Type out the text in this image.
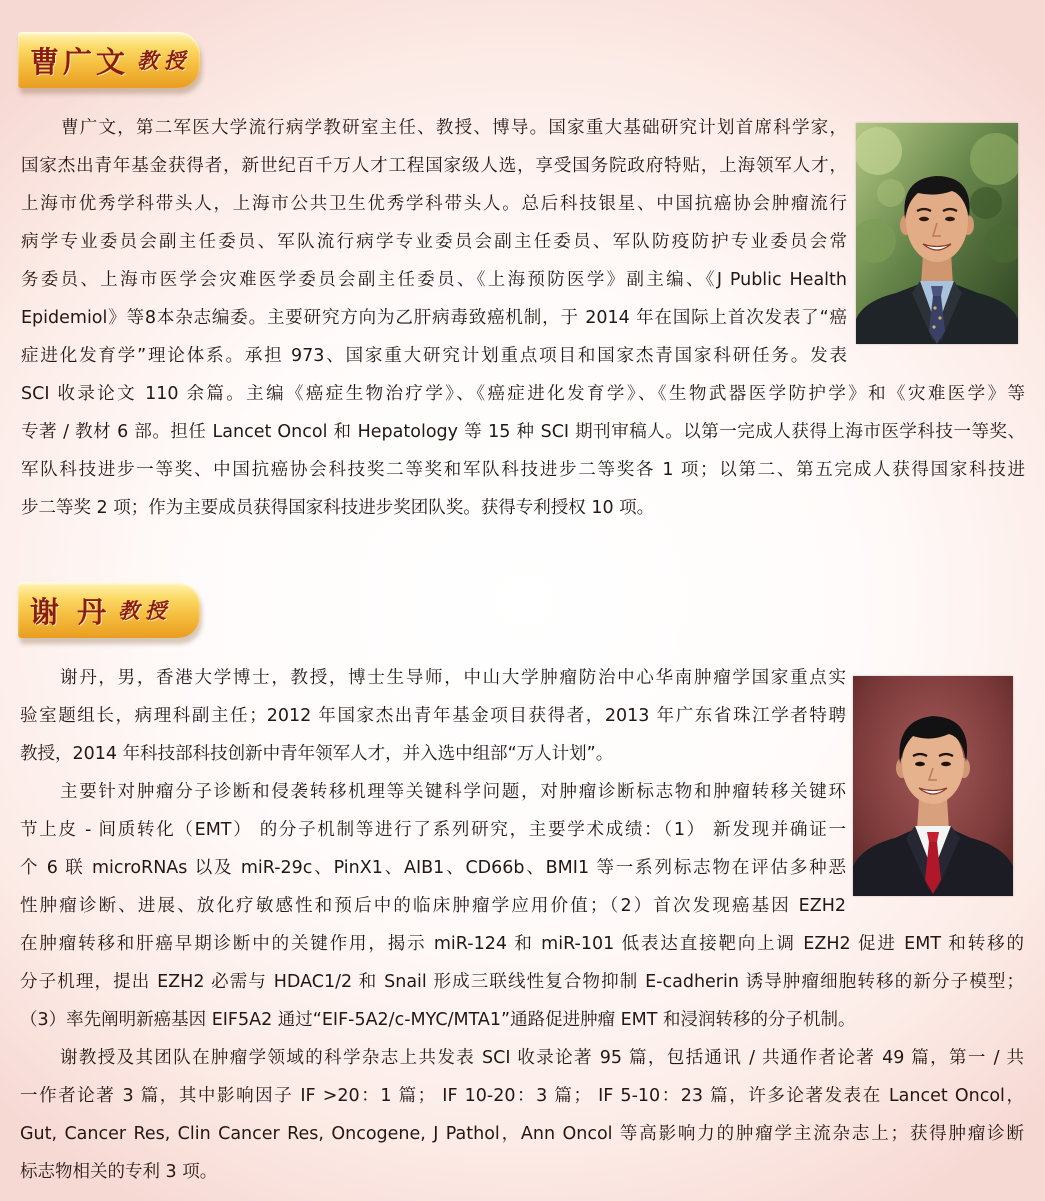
曹广文 教授
曹广文，第二军医大学流行病学教研室主任、教授、博导。国家重大基础研究计划首席科学家，
国家杰出青年基金获得者，新世纪百千万人才工程国家级人选，享受国务院政府特贴，上海领军人才，
上海市优秀学科带头人，上海市公共卫生优秀学科带头人。总后科技银星、中国抗癌协会肿瘤流行
病学专业委员会副主任委员、军队流行病学专业委员会副主任委员、军队防疫防护专业委员会常
务委员、上海市医学会灾难医学委员会副主任委员、《上海预防医学》副主编、《J Public Health
Epidemiol》等8本杂志编委。主要研究方向为乙肝病毒致癌机制，于 2014 年在国际上首次发表了“癌
症进化发育学”理论体系。承担 973、国家重大研究计划重点项目和国家杰青国家科研任务。发表
SCI 收录论文 110 余篇。主编《癌症生物治疗学》、《癌症进化发育学》、《生物武器医学防护学》和《灾难医学》等
专著 / 教材 6 部。担任 Lancet Oncol 和 Hepatology 等 15 种 SCI 期刊审稿人。以第一完成人获得上海市医学科技一等奖、
军队科技进步一等奖、中国抗癌协会科技奖二等奖和军队科技进步二等奖各 1 项；以第二、第五完成人获得国家科技进
步二等奖 2 项；作为主要成员获得国家科技进步奖团队奖。获得专利授权 10 项。
谢 丹 教授
谢丹，男，香港大学博士，教授，博士生导师，中山大学肿瘤防治中心华南肿瘤学国家重点实
验室题组长，病理科副主任；2012 年国家杰出青年基金项目获得者，2013 年广东省珠江学者特聘
教授，2014 年科技部科技创新中青年领军人才，并入选中组部“万人计划”。
主要针对肿瘤分子诊断和侵袭转移机理等关键科学问题，对肿瘤诊断标志物和肿瘤转移关键环
节上皮 - 间质转化（EMT） 的分子机制等进行了系列研究，主要学术成绩：（1） 新发现并确证一
个 6 联 microRNAs 以及 miR-29c、PinX1、AIB1、CD66b、BMI1 等一系列标志物在评估多种恶
性肿瘤诊断、进展、放化疗敏感性和预后中的临床肿瘤学应用价值；（2）首次发现癌基因 EZH2
在肿瘤转移和肝癌早期诊断中的关键作用，揭示 miR-124 和 miR-101 低表达直接靶向上调 EZH2 促进 EMT 和转移的
分子机理，提出 EZH2 必需与 HDAC1/2 和 Snail 形成三联线性复合物抑制 E-cadherin 诱导肿瘤细胞转移的新分子模型；
（3）率先阐明新癌基因 EIF5A2 通过“EIF-5A2/c-MYC/MTA1”通路促进肿瘤 EMT 和浸润转移的分子机制。
谢教授及其团队在肿瘤学领域的科学杂志上共发表 SCI 收录论著 95 篇，包括通讯 / 共通作者论著 49 篇，第一 / 共
一作者论著 3 篇，其中影响因子 IF >20：1 篇； IF 10-20：3 篇； IF 5-10：23 篇，许多论著发表在 Lancet Oncol，
Gut, Cancer Res, Clin Cancer Res, Oncogene, J Pathol，Ann Oncol 等高影响力的肿瘤学主流杂志上；获得肿瘤诊断
标志物相关的专利 3 项。
